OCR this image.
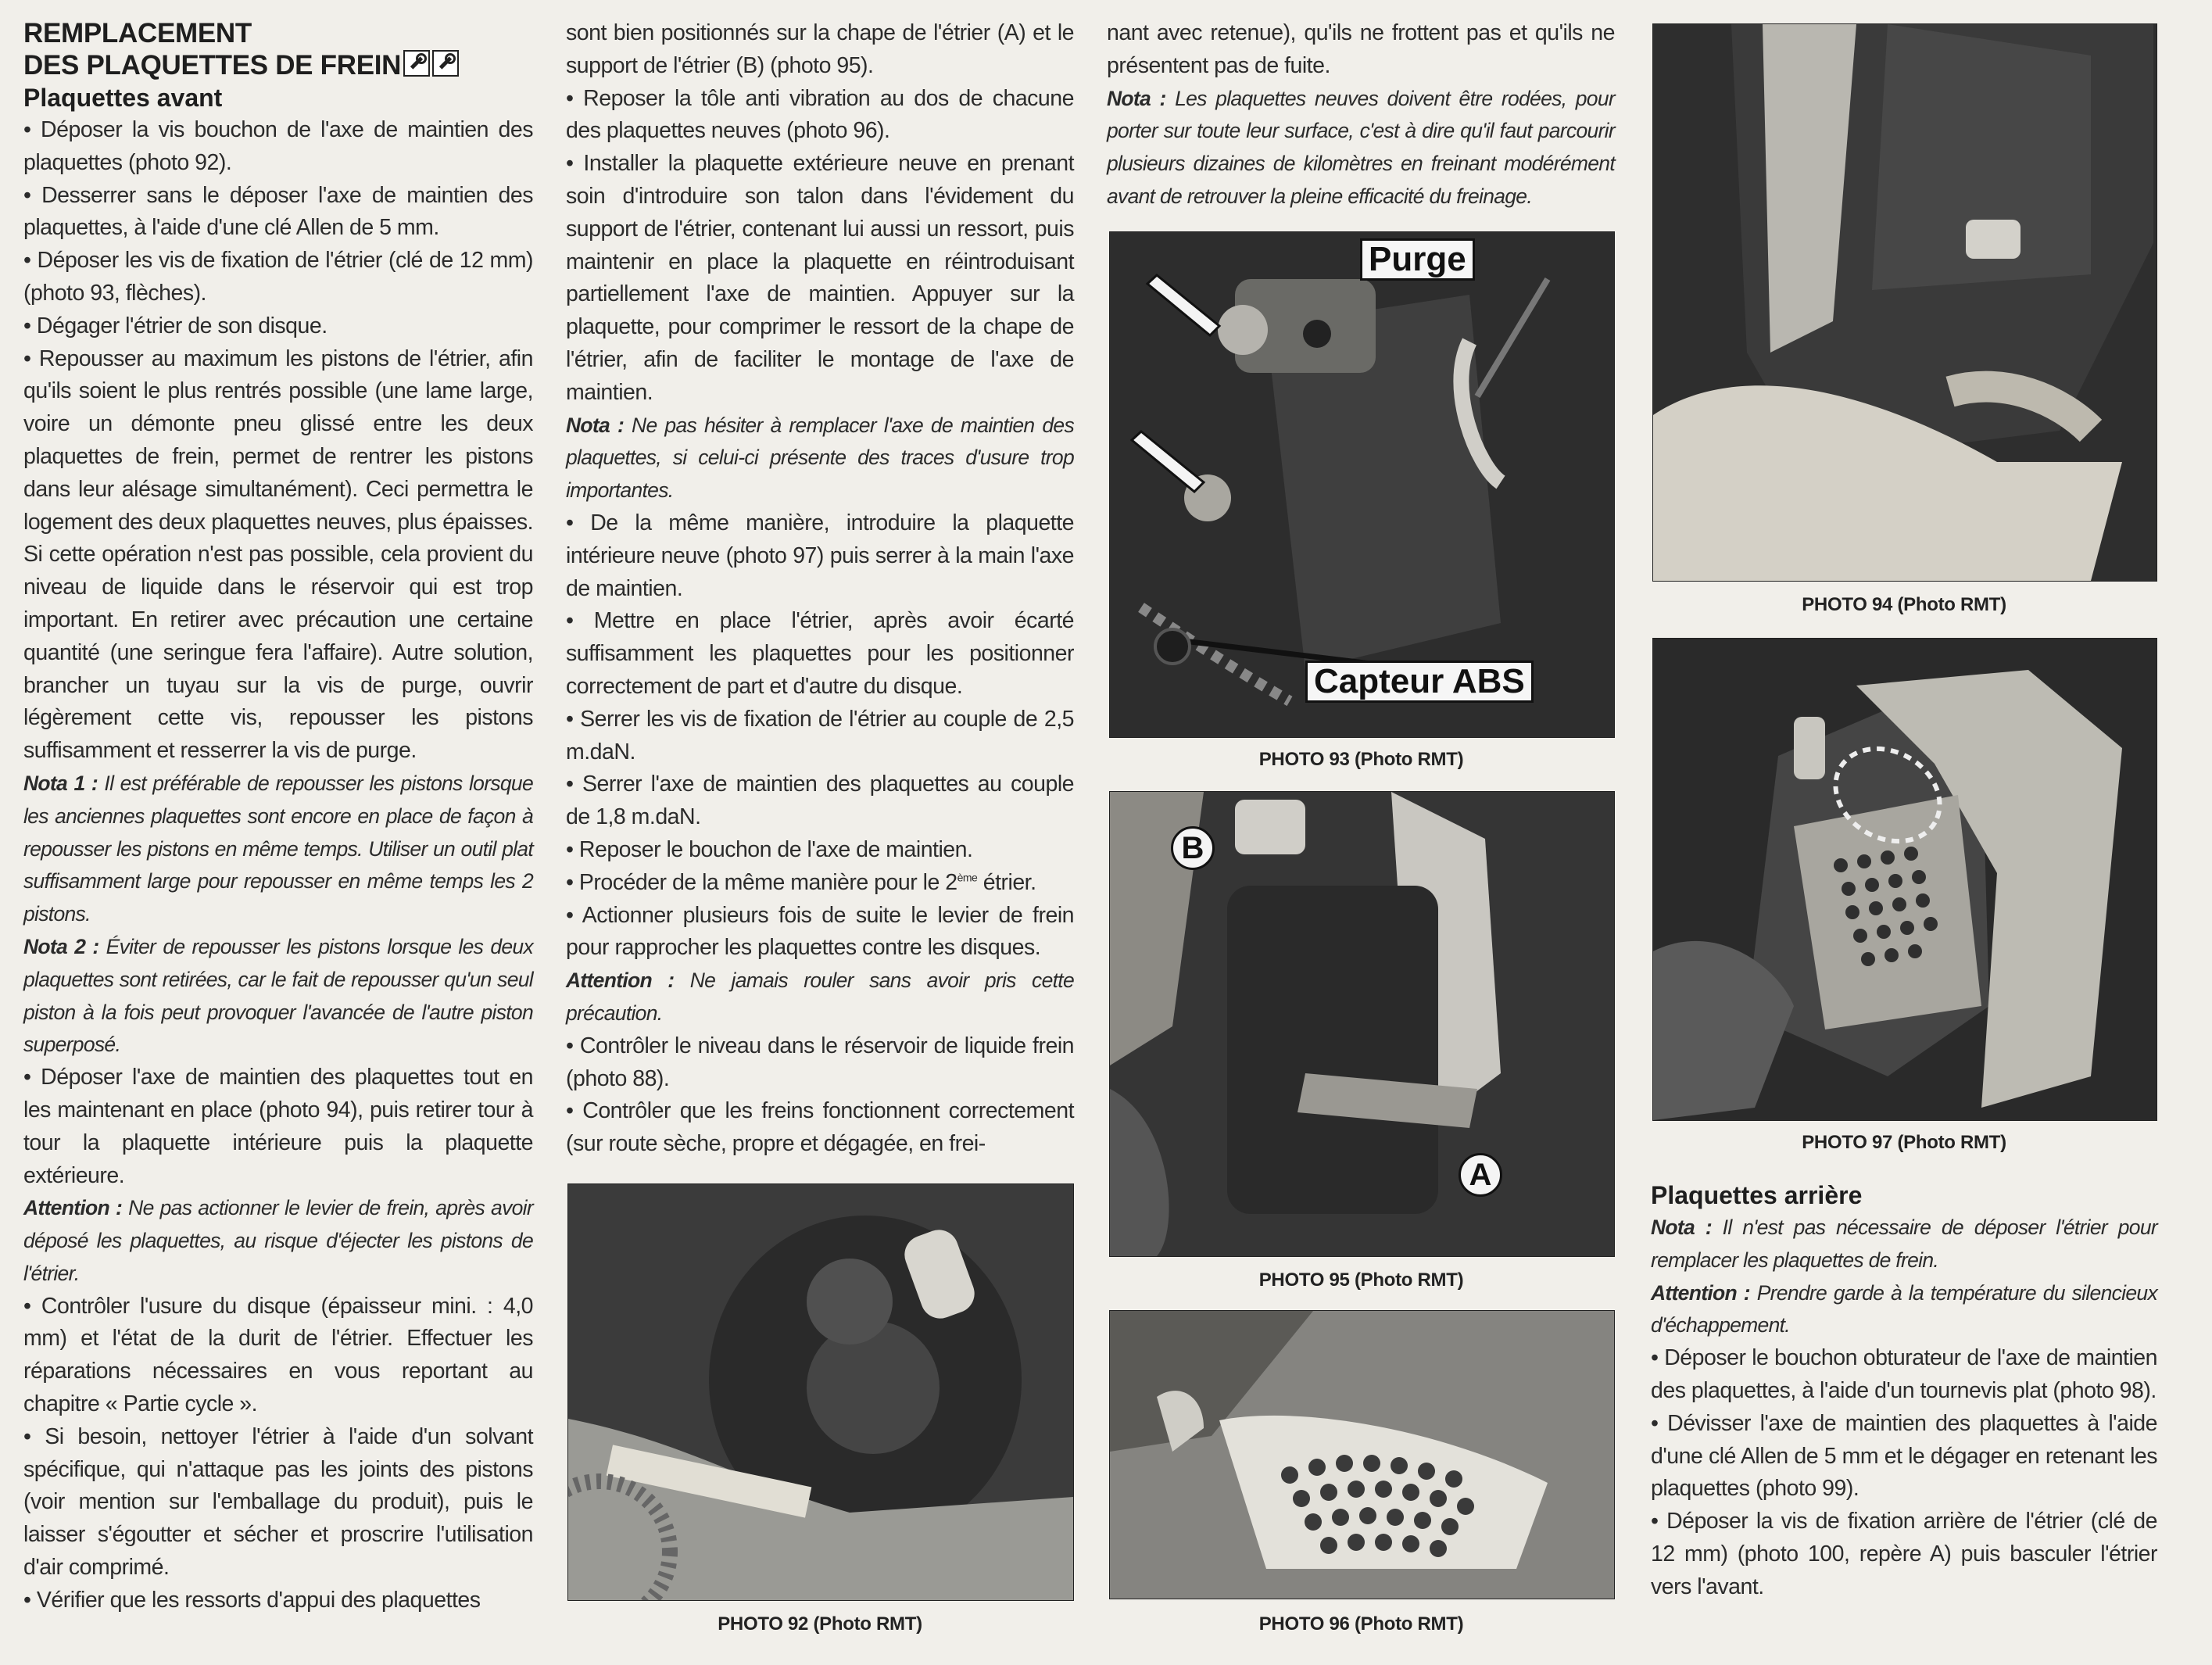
REMPLACEMENT
DES PLAQUETTES DE FREIN
Plaquettes avant

• Déposer la vis bouchon de l'axe de maintien des plaquettes (photo 92).

• Desserrer sans le déposer l'axe de maintien des plaquettes, à l'aide d'une clé Allen de 5 mm.

• Déposer les vis de fixation de l'étrier (clé de 12 mm) (photo 93, flèches).

• Dégager l'étrier de son disque.

• Repousser au maximum les pistons de l'étrier, afin qu'ils soient le plus rentrés possible (une lame large, voire un démonte pneu glissé entre les deux plaquettes de frein, permet de rentrer les pistons dans leur alésage simultanément). Ceci permettra le logement des deux plaquettes neuves, plus épaisses. Si cette opération n'est pas possible, cela provient du niveau de liquide dans le réservoir qui est trop important. En retirer avec précaution une certaine quantité (une seringue fera l'affaire). Autre solution, brancher un tuyau sur la vis de purge, ouvrir légèrement cette vis, repousser les pistons suffisamment et resserrer la vis de purge.

Nota 1 : Il est préférable de repousser les pistons lorsque les anciennes plaquettes sont encore en place de façon à repousser les pistons en même temps. Utiliser un outil plat suffisamment large pour repousser en même temps les 2 pistons.

Nota 2 : Éviter de repousser les pistons lorsque les deux plaquettes sont retirées, car le fait de repousser qu'un seul piston à la fois peut provoquer l'avancée de l'autre piston superposé.

• Déposer l'axe de maintien des plaquettes tout en les maintenant en place (photo 94), puis retirer tour à tour la plaquette intérieure puis la plaquette extérieure.

Attention : Ne pas actionner le levier de frein, après avoir déposé les plaquettes, au risque d'éjecter les pistons de l'étrier.

• Contrôler l'usure du disque (épaisseur mini. : 4,0 mm) et l'état de la durit de l'étrier. Effectuer les réparations nécessaires en vous reportant au chapitre « Partie cycle ».

• Si besoin, nettoyer l'étrier à l'aide d'un solvant spécifique, qui n'attaque pas les joints des pistons (voir mention sur l'emballage du produit), puis le laisser s'égoutter et sécher et proscrire l'utilisation d'air comprimé.

• Vérifier que les ressorts d'appui des plaquettes

sont bien positionnés sur la chape de l'étrier (A) et le support de l'étrier (B) (photo 95).

• Reposer la tôle anti vibration au dos de chacune des plaquettes neuves (photo 96).

• Installer la plaquette extérieure neuve en prenant soin d'introduire son talon dans l'évidement du support de l'étrier, contenant lui aussi un ressort, puis maintenir en place la plaquette en réintroduisant partiellement l'axe de maintien. Appuyer sur la plaquette, pour comprimer le ressort de la chape de l'étrier, afin de faciliter le montage de l'axe de maintien.

Nota : Ne pas hésiter à remplacer l'axe de maintien des plaquettes, si celui-ci présente des traces d'usure trop importantes.

• De la même manière, introduire la plaquette intérieure neuve (photo 97) puis serrer à la main l'axe de maintien.

• Mettre en place l'étrier, après avoir écarté suffisamment les plaquettes pour les positionner correctement de part et d'autre du disque.

• Serrer les vis de fixation de l'étrier au couple de 2,5 m.daN.

• Serrer l'axe de maintien des plaquettes au couple de 1,8 m.daN.

• Reposer le bouchon de l'axe de maintien.

• Procéder de la même manière pour le 2ème étrier.

• Actionner plusieurs fois de suite le levier de frein pour rapprocher les plaquettes contre les disques.

Attention : Ne jamais rouler sans avoir pris cette précaution.

• Contrôler le niveau dans le réservoir de liquide frein (photo 88).

• Contrôler que les freins fonctionnent correctement (sur route sèche, propre et dégagée, en frei-

PHOTO 92 (Photo RMT)

nant avec retenue), qu'ils ne frottent pas et qu'ils ne présentent pas de fuite.

Nota : Les plaquettes neuves doivent être rodées, pour porter sur toute leur surface, c'est à dire qu'il faut parcourir plusieurs dizaines de kilomètres en freinant modérément avant de retrouver la pleine efficacité du freinage.

Purge
Capteur ABS
PHOTO 93 (Photo RMT)
B
A
PHOTO 95 (Photo RMT)
PHOTO 96 (Photo RMT)
PHOTO 94 (Photo RMT)
PHOTO 97 (Photo RMT)
Plaquettes arrière

Nota : Il n'est pas nécessaire de déposer l'étrier pour remplacer les plaquettes de frein.

Attention : Prendre garde à la température du silencieux d'échappement.

• Déposer le bouchon obturateur de l'axe de maintien des plaquettes, à l'aide d'un tournevis plat (photo 98).

• Dévisser l'axe de maintien des plaquettes à l'aide d'une clé Allen de 5 mm et le dégager en retenant les plaquettes (photo 99).

• Déposer la vis de fixation arrière de l'étrier (clé de 12 mm) (photo 100, repère A) puis basculer l'étrier vers l'avant.
